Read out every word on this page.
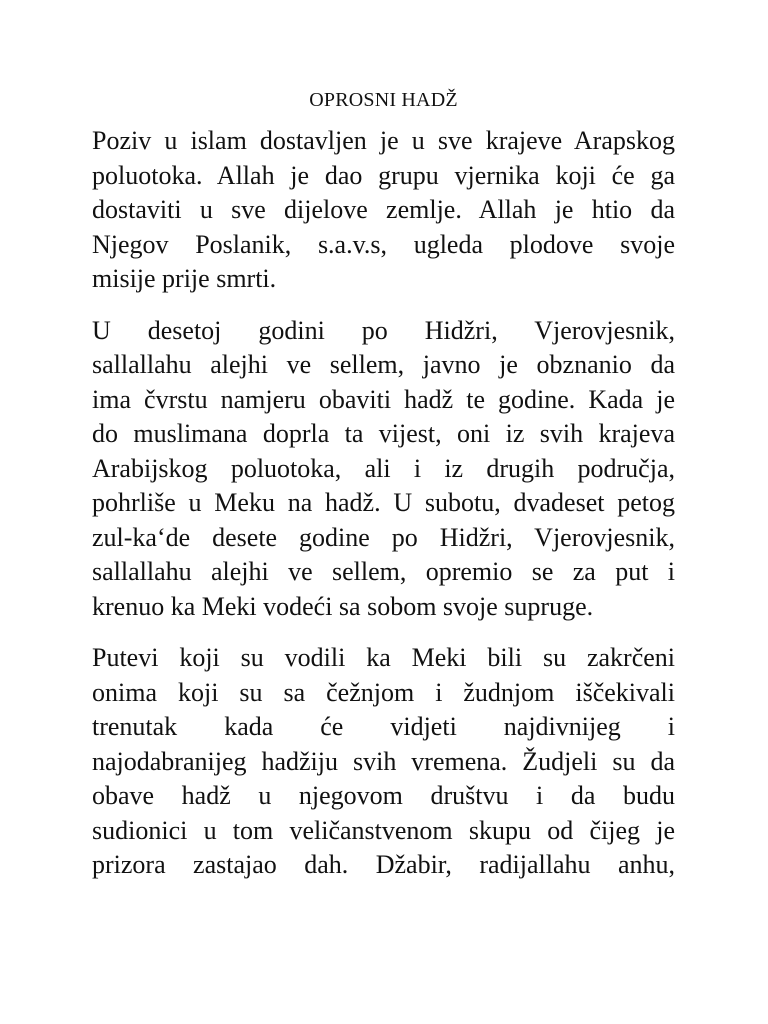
OPROSNI HADŽ
Poziv u islam dostavljen je u sve krajeve Arapskog
poluotoka. Allah je dao grupu vjernika koji će ga
dostaviti u sve dijelove zemlje. Allah je htio da
Njegov Poslanik, s.a.v.s, ugleda plodove svoje
misije prije smrti.
U desetoj godini po Hidžri, Vjerovjesnik,
sallallahu alejhi ve sellem, javno je obznanio da
ima čvrstu namjeru obaviti hadž te godine. Kada je
do muslimana doprla ta vijest, oni iz svih krajeva
Arabijskog poluotoka, ali i iz drugih područja,
pohrliše u Meku na hadž. U subotu, dvadeset petog
zul-ka‘de desete godine po Hidžri, Vjerovjesnik,
sallallahu alejhi ve sellem, opremio se za put i
krenuo ka Meki vodeći sa sobom svoje supruge.
Putevi koji su vodili ka Meki bili su zakrčeni
onima koji su sa čežnjom i žudnjom iščekivali
trenutak kada će vidjeti najdivnijeg i
najodabranijeg hadžiju svih vremena. Žudjeli su da
obave hadž u njegovom društvu i da budu
sudionici u tom veličanstvenom skupu od čijeg je
prizora zastajao dah. Džabir, radijallahu anhu,
